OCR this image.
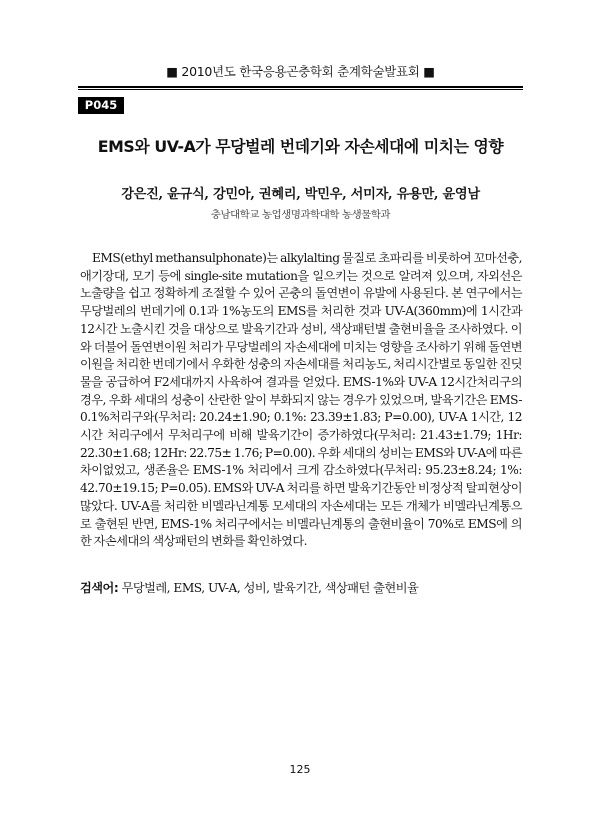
■ 2010년도 한국응용곤충학회 춘계학술발표회 ■
P045
EMS와 UV-A가 무당벌레 번데기와 자손세대에 미치는 영향
강은진, 윤규식, 강민아, 권혜리, 박민우, 서미자, 유용만, 윤영남
충남대학교 농업생명과학대학 농생물학과
EMS(ethyl methansulphonate)는 alkylalting 물질로 초파리를 비롯하여 꼬마선충, 애기장대, 모기 등에 single-site mutation을 일으키는 것으로 알려져 있으며, 자외선은 노출량을 쉽고 정확하게 조절할 수 있어 곤충의 돌연변이 유발에 사용된다. 본 연구에서는 무당벌레의 번데기에 0.1과 1%농도의 EMS를 처리한 것과 UV-A(360mm)에 1시간과 12시간 노출시킨 것을 대상으로 발육기간과 성비, 색상패턴별 출현비율을 조사하였다. 이와 더불어 돌연변이원 처리가 무당벌레의 자손세대에 미치는 영향을 조사하기 위해 돌연변이원을 처리한 번데기에서 우화한 성충의 자손세대를 처리농도, 처리시간별로 동일한 진딧물을 공급하여 F2세대까지 사육하여 결과를 얻었다. EMS-1%와 UV-A 12시간처리구의 경우, 우화 세대의 성충이 산란한 알이 부화되지 않는 경우가 있었으며, 발육기간은 EMS-0.1%처리구와(무처리: 20.24±1.90; 0.1%: 23.39±1.83; P=0.00), UV-A 1시간, 12시간 처리구에서 무처리구에 비해 발육기간이 증가하였다(무처리: 21.43±1.79; 1Hr: 22.30±1.68; 12Hr: 22.75± 1.76; P=0.00). 우화 세대의 성비는 EMS와 UV-A에 따른 차이없었고, 생존율은 EMS-1% 처리에서 크게 감소하였다(무처리: 95.23±8.24; 1%: 42.70±19.15; P=0.05). EMS와 UV-A 처리를 하면 발육기간동안 비정상적 탈피현상이 많았다. UV-A를 처리한 비멜라닌계통 모세대의 자손세대는 모든 개체가 비멜라닌계통으로 출현된 반면, EMS-1% 처리구에서는 비멜라닌계통의 출현비율이 70%로 EMS에 의한 자손세대의 색상패턴의 변화를 확인하였다.
검색어: 무당벌레, EMS, UV-A, 성비, 발육기간, 색상패턴 출현비율
125
